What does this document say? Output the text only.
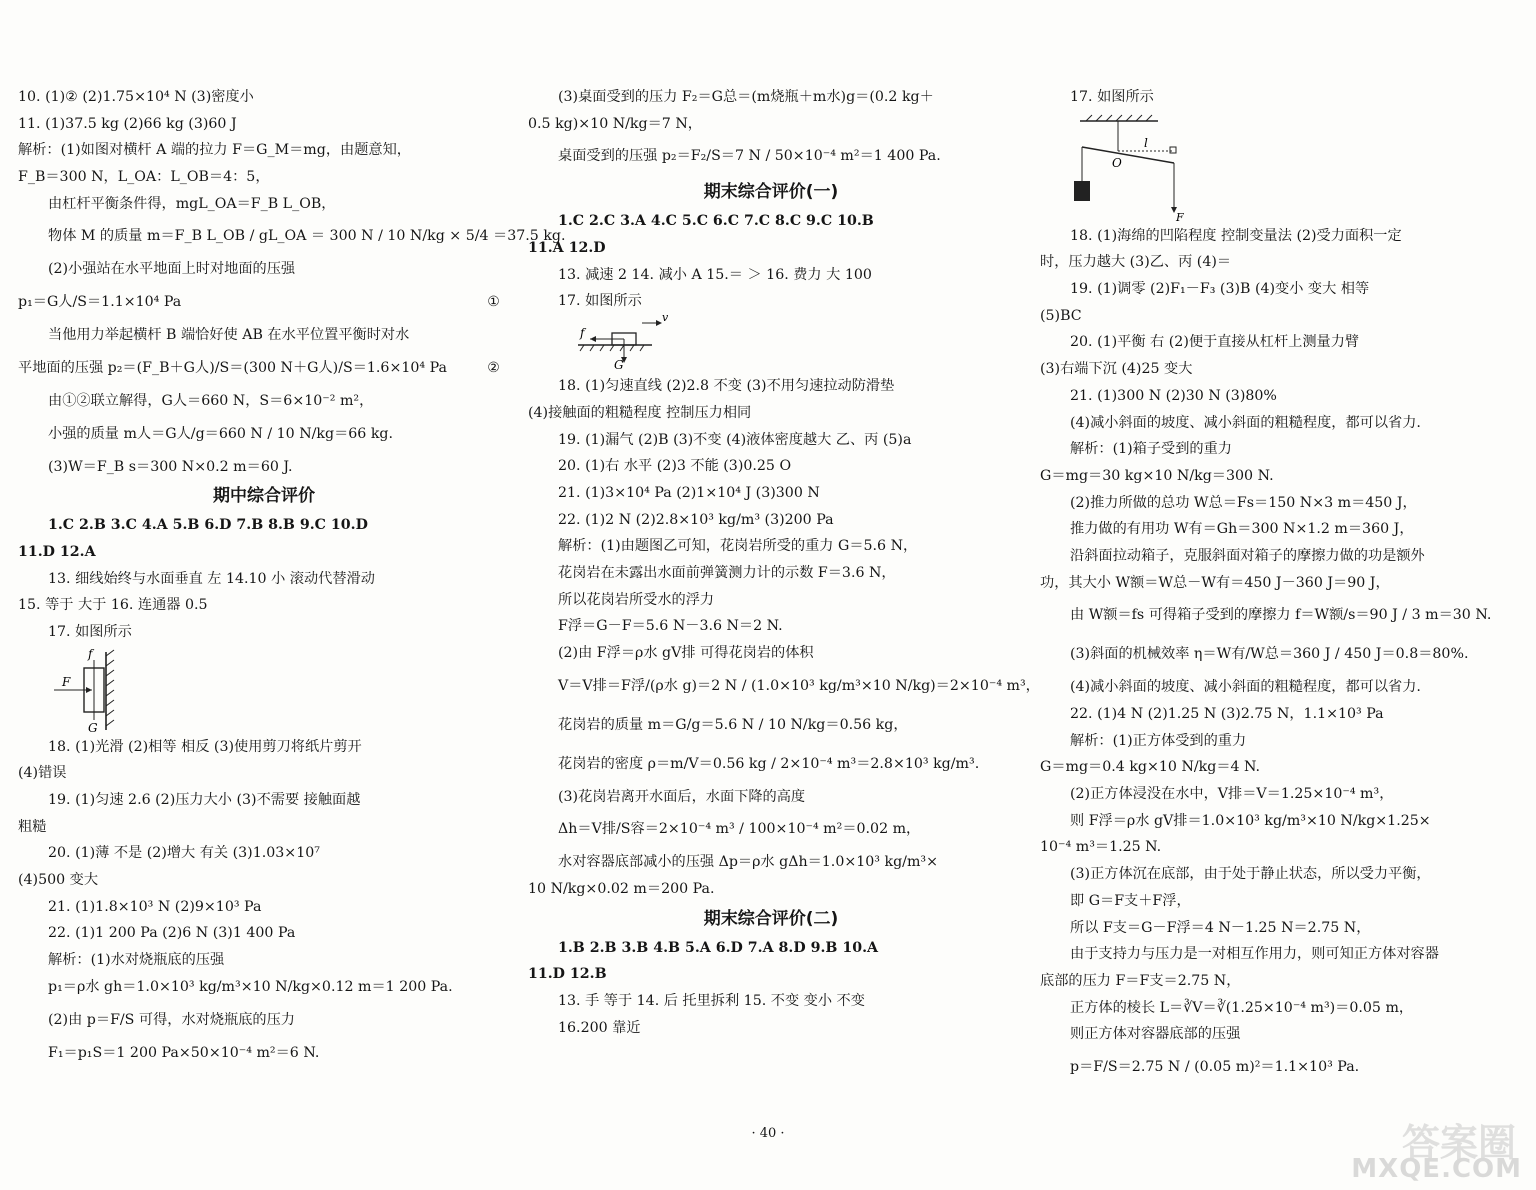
10. (1)② (2)1.75×10⁴ N (3)密度小
11. (1)37.5 kg (2)66 kg (3)60 J
解析：(1)如图对横杆 A 端的拉力 F＝G_M＝mg，由题意知，
F_B＝300 N，L_OA：L_OB＝4：5，
由杠杆平衡条件得，mgL_OA＝F_B L_OB，
物体 M 的质量 m＝F_B L_OB / gL_OA ＝ 300 N / 10 N/kg × 5/4 ＝37.5 kg.
(2)小强站在水平地面上时对地面的压强
p₁＝G人/S＝1.1×10⁴ Pa	①
当他用力举起横杆 B 端恰好使 AB 在水平位置平衡时对水
平地面的压强 p₂＝(F_B＋G人)/S＝(300 N＋G人)/S＝1.6×10⁴ Pa	②
由①②联立解得，G人＝660 N，S＝6×10⁻² m²，
小强的质量 m人＝G人/g＝660 N / 10 N/kg＝66 kg.
(3)W＝F_B s＝300 N×0.2 m＝60 J.
期中综合评价
1.C 2.B 3.C 4.A 5.B 6.D 7.B 8.B 9.C 10.D
11.D 12.A
13. 细线始终与水面垂直 左 14.10 小 滚动代替滑动
15. 等于 大于 16. 连通器 0.5
17. 如图所示
f
F
G
18. (1)光滑 (2)相等 相反 (3)使用剪刀将纸片剪开
(4)错误
19. (1)匀速 2.6 (2)压力大小 (3)不需要 接触面越
粗糙
20. (1)薄 不是 (2)增大 有关 (3)1.03×10⁷
(4)500 变大
21. (1)1.8×10³ N (2)9×10³ Pa
22. (1)1 200 Pa (2)6 N (3)1 400 Pa
解析：(1)水对烧瓶底的压强
p₁＝ρ水 gh＝1.0×10³ kg/m³×10 N/kg×0.12 m＝1 200 Pa.
(2)由 p＝F/S 可得，水对烧瓶底的压力
F₁＝p₁S＝1 200 Pa×50×10⁻⁴ m²＝6 N.
(3)桌面受到的压力 F₂＝G总＝(m烧瓶＋m水)g＝(0.2 kg＋
0.5 kg)×10 N/kg＝7 N，
桌面受到的压强 p₂＝F₂/S＝7 N / 50×10⁻⁴ m²＝1 400 Pa.
期末综合评价(一)
1.C 2.C 3.A 4.C 5.C 6.C 7.C 8.C 9.C 10.B
11.A 12.D
13. 减速 2 14. 减小 A 15.＝ ＞ 16. 费力 大 100
17. 如图所示
f
G
v
18. (1)匀速直线 (2)2.8 不变 (3)不用匀速拉动防滑垫
(4)接触面的粗糙程度 控制压力相同
19. (1)漏气 (2)B (3)不变 (4)液体密度越大 乙、丙 (5)a
20. (1)右 水平 (2)3 不能 (3)0.25 O
21. (1)3×10⁴ Pa (2)1×10⁴ J (3)300 N
22. (1)2 N (2)2.8×10³ kg/m³ (3)200 Pa
解析：(1)由题图乙可知，花岗岩所受的重力 G＝5.6 N，
花岗岩在未露出水面前弹簧测力计的示数 F＝3.6 N，
所以花岗岩所受水的浮力
F浮＝G－F＝5.6 N－3.6 N＝2 N.
(2)由 F浮＝ρ水 gV排 可得花岗岩的体积
V＝V排＝F浮/(ρ水 g)＝2 N / (1.0×10³ kg/m³×10 N/kg)＝2×10⁻⁴ m³，
花岗岩的质量 m＝G/g＝5.6 N / 10 N/kg＝0.56 kg，
花岗岩的密度 ρ＝m/V＝0.56 kg / 2×10⁻⁴ m³＝2.8×10³ kg/m³.
(3)花岗岩离开水面后，水面下降的高度
Δh＝V排/S容＝2×10⁻⁴ m³ / 100×10⁻⁴ m²＝0.02 m，
水对容器底部减小的压强 Δp＝ρ水 gΔh＝1.0×10³ kg/m³×
10 N/kg×0.02 m＝200 Pa.
期末综合评价(二)
1.B 2.B 3.B 4.B 5.A 6.D 7.A 8.D 9.B 10.A
11.D 12.B
13. 手 等于 14. 后 托里拆利 15. 不变 变小 不变
16.200 靠近
17. 如图所示
O
l
F
18. (1)海绵的凹陷程度 控制变量法 (2)受力面积一定
时，压力越大 (3)乙、丙 (4)＝
19. (1)调零 (2)F₁－F₃ (3)B (4)变小 变大 相等
(5)BC
20. (1)平衡 右 (2)便于直接从杠杆上测量力臂
(3)右端下沉 (4)25 变大
21. (1)300 N (2)30 N (3)80%
(4)减小斜面的坡度、减小斜面的粗糙程度，都可以省力.
解析：(1)箱子受到的重力
G＝mg＝30 kg×10 N/kg＝300 N.
(2)推力所做的总功 W总＝Fs＝150 N×3 m＝450 J，
推力做的有用功 W有＝Gh＝300 N×1.2 m＝360 J，
沿斜面拉动箱子，克服斜面对箱子的摩擦力做的功是额外
功，其大小 W额＝W总－W有＝450 J－360 J＝90 J，
由 W额＝fs 可得箱子受到的摩擦力 f＝W额/s＝90 J / 3 m＝30 N.
(3)斜面的机械效率 η＝W有/W总＝360 J / 450 J＝0.8＝80%.
(4)减小斜面的坡度、减小斜面的粗糙程度，都可以省力.
22. (1)4 N (2)1.25 N (3)2.75 N，1.1×10³ Pa
解析：(1)正方体受到的重力
G＝mg＝0.4 kg×10 N/kg＝4 N.
(2)正方体浸没在水中，V排＝V＝1.25×10⁻⁴ m³，
则 F浮＝ρ水 gV排＝1.0×10³ kg/m³×10 N/kg×1.25×
10⁻⁴ m³＝1.25 N.
(3)正方体沉在底部，由于处于静止状态，所以受力平衡，
即 G＝F支＋F浮，
所以 F支＝G－F浮＝4 N－1.25 N＝2.75 N，
由于支持力与压力是一对相互作用力，则可知正方体对容器
底部的压力 F＝F支＝2.75 N，
正方体的棱长 L＝∛V＝∛(1.25×10⁻⁴ m³)＝0.05 m，
则正方体对容器底部的压强
p＝F/S＝2.75 N / (0.05 m)²＝1.1×10³ Pa.
· 40 ·	答案圈
MXQE.COM
